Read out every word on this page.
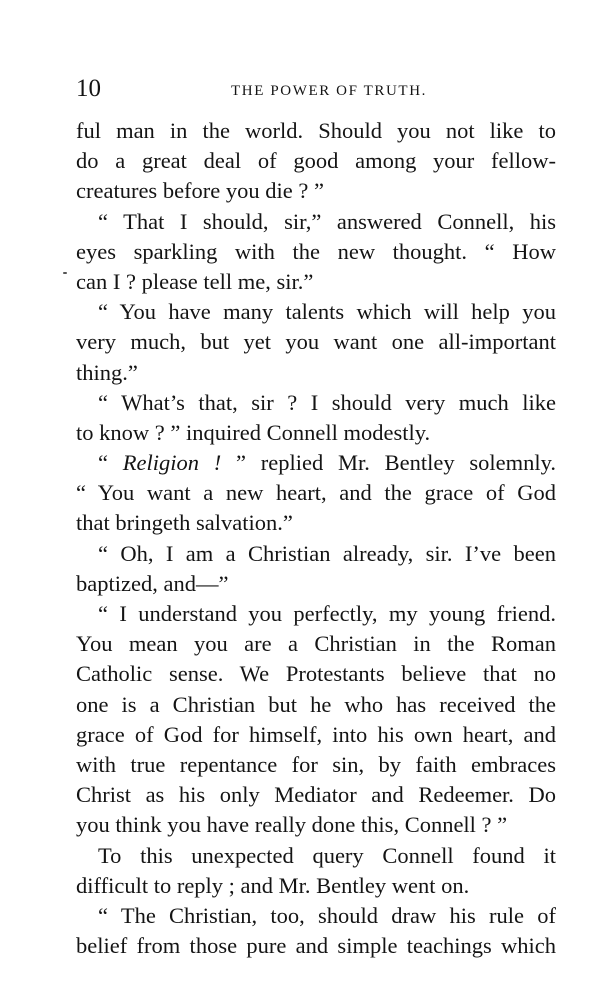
10	THE POWER OF TRUTH.
ful man in the world. Should you not like to
do a great deal of good among your fellow-
creatures before you die ? ”
“ That I should, sir,” answered Connell, his
eyes sparkling with the new thought. “ How
can I ? please tell me, sir.”
“ You have many talents which will help you
very much, but yet you want one all-important
thing.”
“ What’s that, sir ? I should very much like
to know ? ” inquired Connell modestly.
“ Religion ! ” replied Mr. Bentley solemnly.
“ You want a new heart, and the grace of God
that bringeth salvation.”
“ Oh, I am a Christian already, sir. I’ve been
baptized, and—”
“ I understand you perfectly, my young friend.
You mean you are a Christian in the Roman
Catholic sense. We Protestants believe that no
one is a Christian but he who has received the
grace of God for himself, into his own heart, and
with true repentance for sin, by faith embraces
Christ as his only Mediator and Redeemer. Do
you think you have really done this, Connell ? ”
To this unexpected query Connell found it
difficult to reply ; and Mr. Bentley went on.
“ The Christian, too, should draw his rule of
belief from those pure and simple teachings which
